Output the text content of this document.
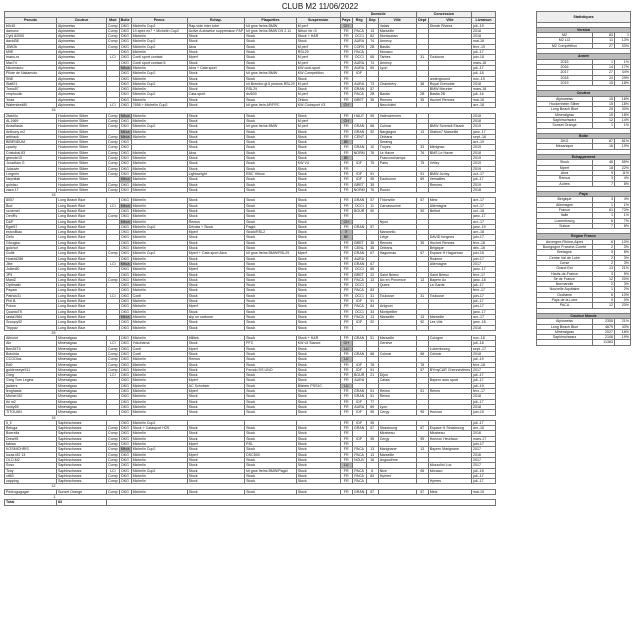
CLUB M2 11/06/2022
								Domicile				Concession		
Pseudo	Couleur	Mod	Boite	Pneus	Echap.	Plaquettes	Suspension	Pays	Rég	Dép	Ville	Dépt	Ville	Livraison
b0r45	Alpinweiss	Comp	DKG	Michelin Cup2	Rap-vide inter tubé	kit gros freins BMW	M perf	CH			Valais		Dimab Riviera	juil.-19
damoxx	Alpinweiss	Comp	DKG	19 apex ec7 + Michelin Cup2	Active Autoweke suppression FAP	kit gros freins BMW DS 2.11	Nitron ntr r3	FR	PACA	13	Marseille			2018
Cyril 82000	Alpinweiss	Comp	DKG	Michelin	Stock	Stock	Stock + H&R	FR	OCCI	82	Montauban			2018
david38	Alpinweiss	Comp	DKG	Michelin Cup2	Stock	Stock	Stock	FR	AURA	74	Annecy			mai-18
J0W2b	Alpinweiss	Comp	DKG	Michelin Cup2	Akra	Stock	M perf	FR	CORS	2B	Bastia			févr.-19
M9E	Alpinweiss		DKG	Michelin	Stock	Stock	RSL29	FR	PACA		Monaco			juil.-17
manu-rs	Alpinweiss	LCI	DKG	Conti sport contact	Mperf	Stock	M perf	FR	OCCI	65	Tarbes	31	Toulouse	juin-18
Max74	Alpinweiss		DKG	Conti sport contact 6	Stock	Stock	M perf	FR	AURA	74	Annecy			mars-16
Nicomauro	Alpinweiss		Méca	Michelin	Akra + Cata sport	Stock	KW club-sport	FR	AURA	69	Lyon			juil.-17
Pilote de Nakamoto	Alpinweiss		DKG	Michelin Cup2	Stock	kit gros freins BMW	KW Competition	FR	IDF					juil.-18
SNE	Alpinweiss		DKG	Michelin	Stock	Stock	Stock	FR					underground	nov.-15
Staff21	Alpinweiss		DKG	Michelin Cup2	Stock	kit Brembo gt 6 pistons RSL29	M perf	FR	AURA	73	Chambéry	38	Royal Grenoble	2018
Tomo57	Alpinweiss		DKG	Michelin	Stock	RSL29	Stock	FR	GRAN	57			BMW Meunier	mars-18
vmphoolin	Alpinweiss		DKG	Michelin Cup2	Cata-sport	dsl500	M perf	FR	PACA	2B	Bastia	2B	Bastia 2B	juil.-16
Yoda	Alpinweiss		DKG	Michelin	Stock	Stock	Ohlins	FR	BRET	35	Rennes	35	Huchet Rennes	mai-16
Watershed80	Alpinweiss	LCI	DKG	7658 + Michelin Cup2	Stock	kit gros frein AP/FPC	KW Clubsport V3	CH			Neuchâtel			avr.-18
15														
2fast4u	Hockenheim Silber	Comp	Méca	Michelin	Stock	Stock	Stock	FR	HAUT	59	Valenciennes			2018
AL1969	Hockenheim Silber	Comp	DKG	Michelin	Stock	Stock	M perf	CH						2018
Anasflasia	Hockenheim Silber	Comp	DKG	Michelin Cup2	Stock	kit gros freins BMW	M perf	FR	GRAN	68	Colmar		BMW Schmidt Elsach	2019
Anthony m2	Hockenheim Silber		Méca	Michelin	Stock	Stock	Stock	FR	GRAN	52	Nargiegne	13	Station7 Marseille	janv.-17
arbirack	Hockenheim Silber	Comp	Méca	Michelin	Stock	Stock	Stock	FR	CENT		Orléans			sept.-16
BIBENDUM	Hockenheim Silber	Comp	DKG		Stock	Stock	Stock	BE			Seraing			avr.-19
cpadry	Hockenheim Silber	Comp	DKG		Stock	Stock	Stock	FR	GRAN	10	Troyes	33	Mérignac	2019
Cristobal.83	Hockenheim Silber	Comp	DKG	Michelin	Akra	Stock	Stock	FR	NORM	76	Le Havre	76	BMS Le Havre	2018
geende10	Hockenheim Silber	Comp	DKG	Michelin	Stock	Stock	Stock	BE			Franconchamps			2019
Jonathan G	Hockenheim Silber	Comp	DKG	Michelin	Stock	Stock	KW V4	FR	IDF	75	Paris	75	Vélizy	2019
Julauvin	Hockenheim Silber	Comp	DKG	Michelin	Stock	Stock	Stock	FR						2019
Lurgmin	Hockenheim Silber	Comp	DKG	Michelin	Lightweight	EBC Yellow	Stock	FR	IDF	91		91	BMW Juvisy	oct.-17
Nephilab	Hockenheim Silber		Méca	Michelin	Stock	Stock	Stock	FR	IDF	95	Eaubonne	69	Versailles	juil.-17
quinlau	Hockenheim Silber	Comp	DKG	Michelin	Stock	Stock	Stock	FR	BRET	35			Rennes	2019
zaza 17	Hockenheim Silber	Comp	DKG	Michelin	Stock	Stock	Stock	FR	NORM	76	Rouen			2018
15														
8057	Long Beach Blue		DKG	Michelin	Stock	Stock	Stock	FR	GRAN	57	Thionville	57	Metz	avr.-17
Bud	Long Beach Blue	LCI	Méca	Michelin	Stock	Stock	Stock	FR	OCCI	11	Carcassonne		Allemagne	oct.-17
ccnemet	Long Beach Blue		DKG	Michelin	Stock	Stock	Stock	FR	BOUR	90		90	Belfort	oct.-18
OenRs	Long Beach Blue	Comp	DKG	Michelin	Stock	Stock	Stock	FR						janv.-17
D&P	Long Beach Blue		Méca	Michelin	Remus	Stock	Stock	CH			Nyon			avr.-17
Eget57	Long Beach Blue		DKG	Michelin Cup2	Décata + Stock	Pagid	Stock	FR	GRAN	57				janv.-19
estonBlau	Long Beach Blue		DKG	Michelin	Mperf	Stock/RSL2	Stock	IT			Maranello			avr.-18
Gefu	Long Beach Blue		DKG	Michelin	Stock	Stock	Stock	BE			Liège		DAVID fongnes	juin-17
Glouglou	Long Beach Blue		DKG	Michelin	Stock	Stock	Stock	FR	BRET	35	Rennes	35	Huchet Rennes	févr.-18
guichof	Long Beach Blue		DKG	Michelin	Stock	Stock	Stock	FR	CENL	45	Orléans		Belgique	déc.-16
Guité	Long Beach Blue	Comp	DKG	Michelin Cup2	Mperf + Cata sport Akra	kit gros freins BMW/RSL29	Mperf	FR	GRAN	67	Haguenau	67	Espace H Haguenau	juin-16
Hoshi6286	Long Beach Blue		DKG	Michelin	Stock	Stock	Stock	FR	AURA				Roanne	juin-17
Jibe	Long Beach Blue	LCI	Méca	Michelin	Stock	Stock	Stock	FR	GRAN	67			Allemagne	2017
Julien80	Long Beach Blue		DKG	Michelin	Mperf	Stock	Stock	FR	OCCI	65				janv.-17
JP9	Long Beach Blue		DKG	Michelin	Stock	Stock	Stock	FR	BRET	22	Saint Brieuc		Saint Brieuc	févr.-17
ManiZ	Long Beach Blue	Comp	DKG	Michelin	Stock	Stock	Stock	FR	PACA	13	Aix en Provence	13	Bayern Ax	janv.-18
Optimalix	Long Beach Blue		DKG	Michelin	Stock	Stock	Stock	FR	OCCI		Quers		La Garde	juil.-17
Payam	Long Beach Blue		DKG	Michelin	Stock	Stock	Stock	FR	PACA	83				févr.-17
Patrick31	Long Beach Blue	LCI	DKG	Conti	Stock	Stock	Stock	FR	OCCI	31	Toulouse	31	Toulouse	juin-17
Phil B.	Long Beach Blue		DKG	Michelin	Stock	Stock	Stock	FR	IDF	91				juil.-17
Polow	Long Beach Blue		DKG	Michelin	Mperf	Stock	Stock	FR	PACA	84	Avignon			juin-17
QuantoTK	Long Beach Blue		DKG	Michelin	Stock	Stock	Stock	FR	OCCI	34	Montpellier			janv.-17
rasta1984	Long Beach Blue		Méca	Michelin	slip on carbone	Stock	Stock	FR	PACA	13	Marseille	13	Marseille	avr.-17
Snoopy92	Long Beach Blue		DKG	Michelin	Stock	Stock	Stock	FR	IDF	92		92	Les Ulis	janv.-18
Trippaz	Long Beach Blue		DKG	Michelin	Stock	Stock	Stock	FR						2018
25														
Albiolut	Mineralgrau		DKG	Michelin	Milltek	Stock	Stock + H&R	FR	GRAN	51	Marseille		Cologne	nov.-18
Ale	Mineralgrau	LCI	DKG	Yokohama	Stock	PFC	KW v3 Stance	CH			Genève			juil.-18
Ben35T5	Mineralgrau	Comp	DKG	Conti	Mperf	Stock	Stock	LU					Luxembourg	sept.-17
Botchita	Mineralgrau	Comp	DKG	Conti	Stock	Stock	Stock	FR	GRAN	68	Colmar	68	Colmar	2018
CCGOlos	Mineralgrau	Comp	DKG	Michelin	Remus	Stock	Stock	LU						juil.-19
Ed0	Mineralgrau	Comp	DKG	Michelin	Stock	Stock	Stock	FR	IDF	78		78		févr.-18
goldenseye911	Mineralgrau	Comp	DKG	Michelin	Stock	Ferodo DS UNO	Stock	FR	IDF	91		57	BYmyCAR Chennevières	2017
Greg	Mineralgrau	LCI	DKG	Michelin	Stock	Stock	Stock	FR	BOUR	21	Dijon			juil.-17
Greg Tom Legins	Mineralgrau		DKG	Michelin	Mperf	Stock	Stock	FR	AURA		Calais		Bayern auto sport	juil.-17
jackers	Mineralgrau		DKG	Michelin	AC Schnitzer	Stock	Bilstein PSS10	LU						juil.-19
lenghaste	Mineralgrau		DKG	Michelin	Mperf	Stock	Stock	FR	GRAN	51	Reims	51	Reims	févr.-17
Michel M2	Mineralgrau		DKG	Michelin	Stock	Stock	Stock	FR	GRAN	51	Reims			2018
thi m2	Mineralgrau		DKG	Michelin	Stock	Stock	Stock	FR	IDF	77				juil.-17
rocky69	Mineralgrau		DKG	Michelin	Stock	Stock	Stock	FR	AURA	69	Lyon			2018
TITOUAN	Mineralgrau		DKG	Michelin	Stock	Stock	Stock	FR	IDF	95	Cergy	95	Horizon	juin-19
15														
lt_ll	Saphirschwarz		DKG	Michelin Cup2				FR	IDF	95				juil.-17
Beluga	Saphirschwarz	Comp	DKG	Stock + Catasport H2S	Stock	Stock	Stock	FR	GRAN	67	Strasbourg	67	Espace H Strasbourg	avr.-16
Boerella	Saphirschwarz	Comp	DKG	Michelin	Stock	Stock	Stock	FR			Mirabeau		Mirabeau	2016
Drew95	Saphirschwarz	Comp	DKG	Michelin	Stock	Stock	Stock	FR	IDF	95	Cergy	95	Horizon Heurtaux	mars-17
fabian	Saphirschwarz	Comp	DKG	Michelin	Mperf	RSL	Stock	FR						juin-17
KOSMICHRIS	Saphirschwarz	Comp	Méca	Michelin Cup2	Stock	Stock	Stock	FR	PACA	13	Marignane	13	Bayern Marignane	2017
lucas M2 13	Saphirschwarz	Comp	DKG	Michelin	Mperf	DSC500	Stock	FR	PACA	13	Marseille			2016
OLO-M2	Saphirschwarz	Comp	DKG	Michelin	Stock	Stock	Stock	FR	NOUV	16	Angoulême			2017
Soso	Saphirschwarz	Comp	DKG	Michelin	Stock	Stock	Stock	LU					Mozzolini Lux	2017
Tony	Saphirschwarz	LCI	DKG	Michelin Cup2	Stock	kit gros freins BMW/Pagid	Stock	FR	PACA	6	Nice	06	Monaco	juil.-18
vit83	Saphirschwarz	Comp	DKG	Michelin	Stock	Stock	Stock	FR	PACA	83	Hyères			juil.-17
zapping	Saphirschwarz	Comp	DKG	Michelin	Stock	Stock	Stock	FR	PACA				Hyères	juil.-17
12														
Pedrogogugar	Sunset Orange	Comp	DKG	Michelin	Stock	Stock	Stock	FR	GRAN	57		57	Metz	mai-19
1														
Total	83													
Statistiques		

Version		
M2	83	1
M2 LCI	11	13%
M2 Compétition	27	33%

Année		
2015	1	1%
2016	14	17%
2017	27	34%
2018	24	29%
2019	15	18%

Couleur		
Alpinweiss	15	18%
Hockenheim Silber	15	18%
Long Beach Blue	25	30%
Mineralgrau	15	18%
Saphirschwarz	12	14%
Sunset Orange	1	1%

Boite		
DKG	67	81%
Mécanique	16	19%

Echappement		
Stock	46	55%
Mperf	18	22%
Akra	9	11%
Remus	3	4%
Autres	7	8%

Pays		
Belgique	3	4%
Allemagne	1	1%
France	61	73%
Italie	1	1%
Luxembourg	6	7%
Suisse	7	8%

Région France		
Auvergne-Rhône-Alpes	6	10%
Bourgogne Franche-Comté	2	3%
Bretagne	5	8%
Centre Val de Loire	2	3%
Corse	2	3%
Grand Est	13	21%
Hauts-de-France	3	5%
Île de France	12	20%
Normandie	2	3%
Nouvelle Aquitaine	1	2%
Occitanie	6	10%
Pays de la Loire	0	0%
PACA	12	20%

Couleur Monde		
Alpinweiss	2355	21%
Long Beach Blue	4679	43%
Mineralgrau	2027	18%
Saphirschwarz	2106	19%
	11383	
